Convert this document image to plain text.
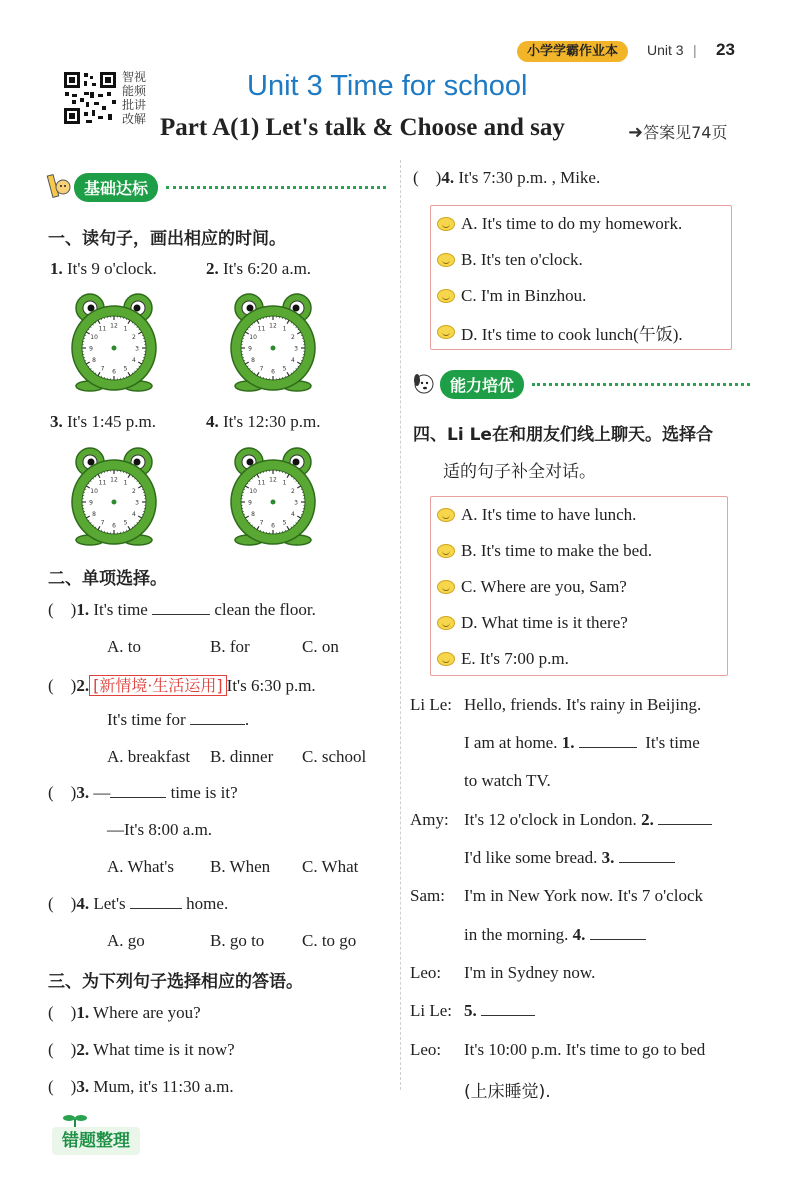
小学学霸作业本	Unit 3 | 23
智视能频批讲改解
Unit 3 Time for school
Part A(1) Let's talk & Choose and say	➜答案见74页
基础达标
一、读句子，画出相应的时间。
1. It's 9 o'clock.	2. It's 6:20 a.m.
3. It's 1:45 p.m.	4. It's 12:30 p.m.
1
2
3
4
5
6
7
8
9
10
11 12	1
2
3
4
5
6
7
8
9
10
11 12
1
2
3
4
5
6
7
8
9
10
11 12	1
2
3
4
5
6
7
8
9
10
11 12
二、单项选择。
(    )1. It's time	clean the floor.
A. to	B. for	C. on
(    )2. [新情境·生活运用] It's 6:30 p.m.
It's time for	.
A. breakfast B. dinner C. school
(    )3. —	time is it?
—It's 8:00 a.m.
A. What's B. When C. What
(    )4. Let's	home.
A. go	B. go to C. to go
三、为下列句子选择相应的答语。
(    )1. Where are you?
(    )2. What time is it now?
(    )3. Mum, it's 11:30 a.m.
错题整理
(    )4. It's 7:30 p.m. , Mike.
A. It's time to do my homework.
B. It's ten o'clock.
C. I'm in Binzhou.
D. It's time to cook lunch(午饭).
能力培优
四、Li Le在和朋友们线上聊天。选择合
适的句子补全对话。
A. It's time to have lunch.
B. It's time to make the bed.
C. Where are you, Sam?
D. What time is it there?
E. It's 7:00 p.m.
Li Le: Hello, friends. It's rainy in Beijing.
I am at home. 1.	It's time
to watch TV.
Amy: It's 12 o'clock in London. 2.
I'd like some bread. 3.
Sam: I'm in New York now. It's 7 o'clock
in the morning. 4.
Leo: I'm in Sydney now.
Li Le: 5.
Leo: It's 10:00 p.m. It's time to go to bed
(上床睡觉).
